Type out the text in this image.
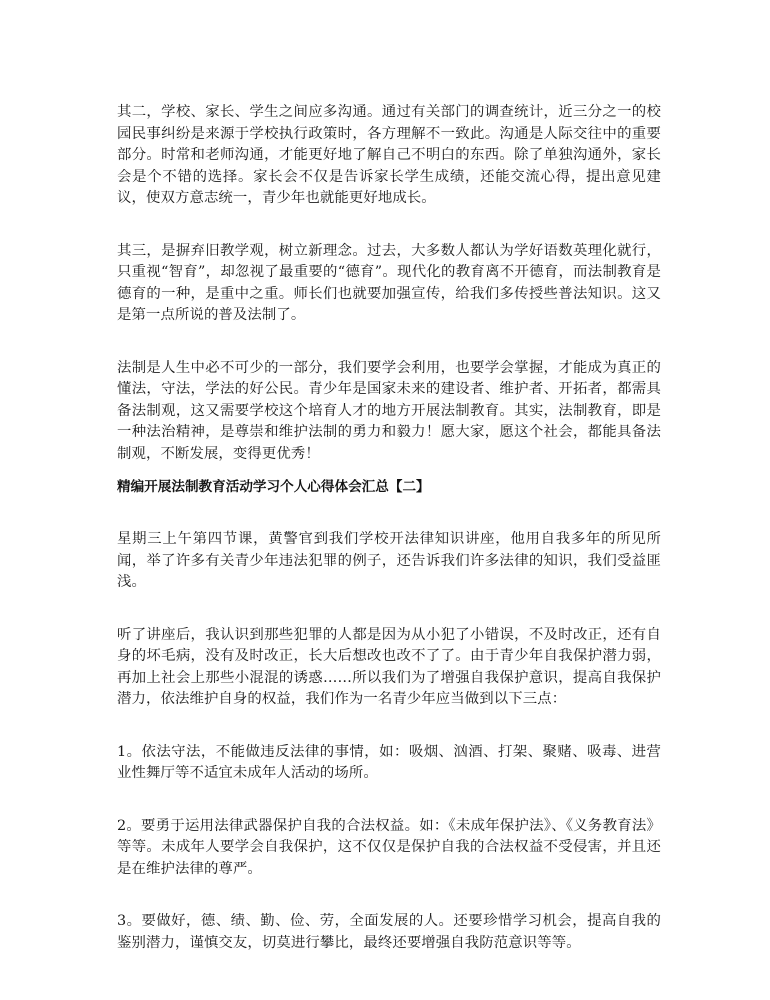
其二，学校、家长、学生之间应多沟通。通过有关部门的调查统计，近三分之一的校园民事纠纷是来源于学校执行政策时，各方理解不一致此。沟通是人际交往中的重要部分。时常和老师沟通，才能更好地了解自己不明白的东西。除了单独沟通外，家长会是个不错的选择。家长会不仅是告诉家长学生成绩，还能交流心得，提出意见建议，使双方意志统一，青少年也就能更好地成长。

其三，是摒弃旧教学观，树立新理念。过去，大多数人都认为学好语数英理化就行，只重视“智育”，却忽视了最重要的“德育”。现代化的教育离不开德育，而法制教育是德育的一种，是重中之重。师长们也就要加强宣传，给我们多传授些普法知识。这又是第一点所说的普及法制了。

法制是人生中必不可少的一部分，我们要学会利用，也要学会掌握，才能成为真正的懂法，守法，学法的好公民。青少年是国家未来的建设者、维护者、开拓者，都需具备法制观，这又需要学校这个培育人才的地方开展法制教育。其实，法制教育，即是一种法治精神，是尊崇和维护法制的勇力和毅力！愿大家，愿这个社会，都能具备法制观，不断发展，变得更优秀！

精编开展法制教育活动学习个人心得体会汇总【二】

星期三上午第四节课，黄警官到我们学校开法律知识讲座，他用自我多年的所见所闻，举了许多有关青少年违法犯罪的例子，还告诉我们许多法律的知识，我们受益匪浅。

听了讲座后，我认识到那些犯罪的人都是因为从小犯了小错误，不及时改正，还有自身的坏毛病，没有及时改正，长大后想改也改不了了。由于青少年自我保护潜力弱，再加上社会上那些小混混的诱惑……所以我们为了增强自我保护意识，提高自我保护潜力，依法维护自身的权益，我们作为一名青少年应当做到以下三点：

1。依法守法，不能做违反法律的事情，如：吸烟、汹酒、打架、聚赌、吸毒、进营业性舞厅等不适宜未成年人活动的场所。

2。要勇于运用法律武器保护自我的合法权益。如：《未成年保护法》、《义务教育法》等等。未成年人要学会自我保护，这不仅仅是保护自我的合法权益不受侵害，并且还是在维护法律的尊严。

3。要做好，德、绩、勤、俭、劳，全面发展的人。还要珍惜学习机会，提高自我的鉴别潜力，谨慎交友，切莫进行攀比，最终还要增强自我防范意识等等。
